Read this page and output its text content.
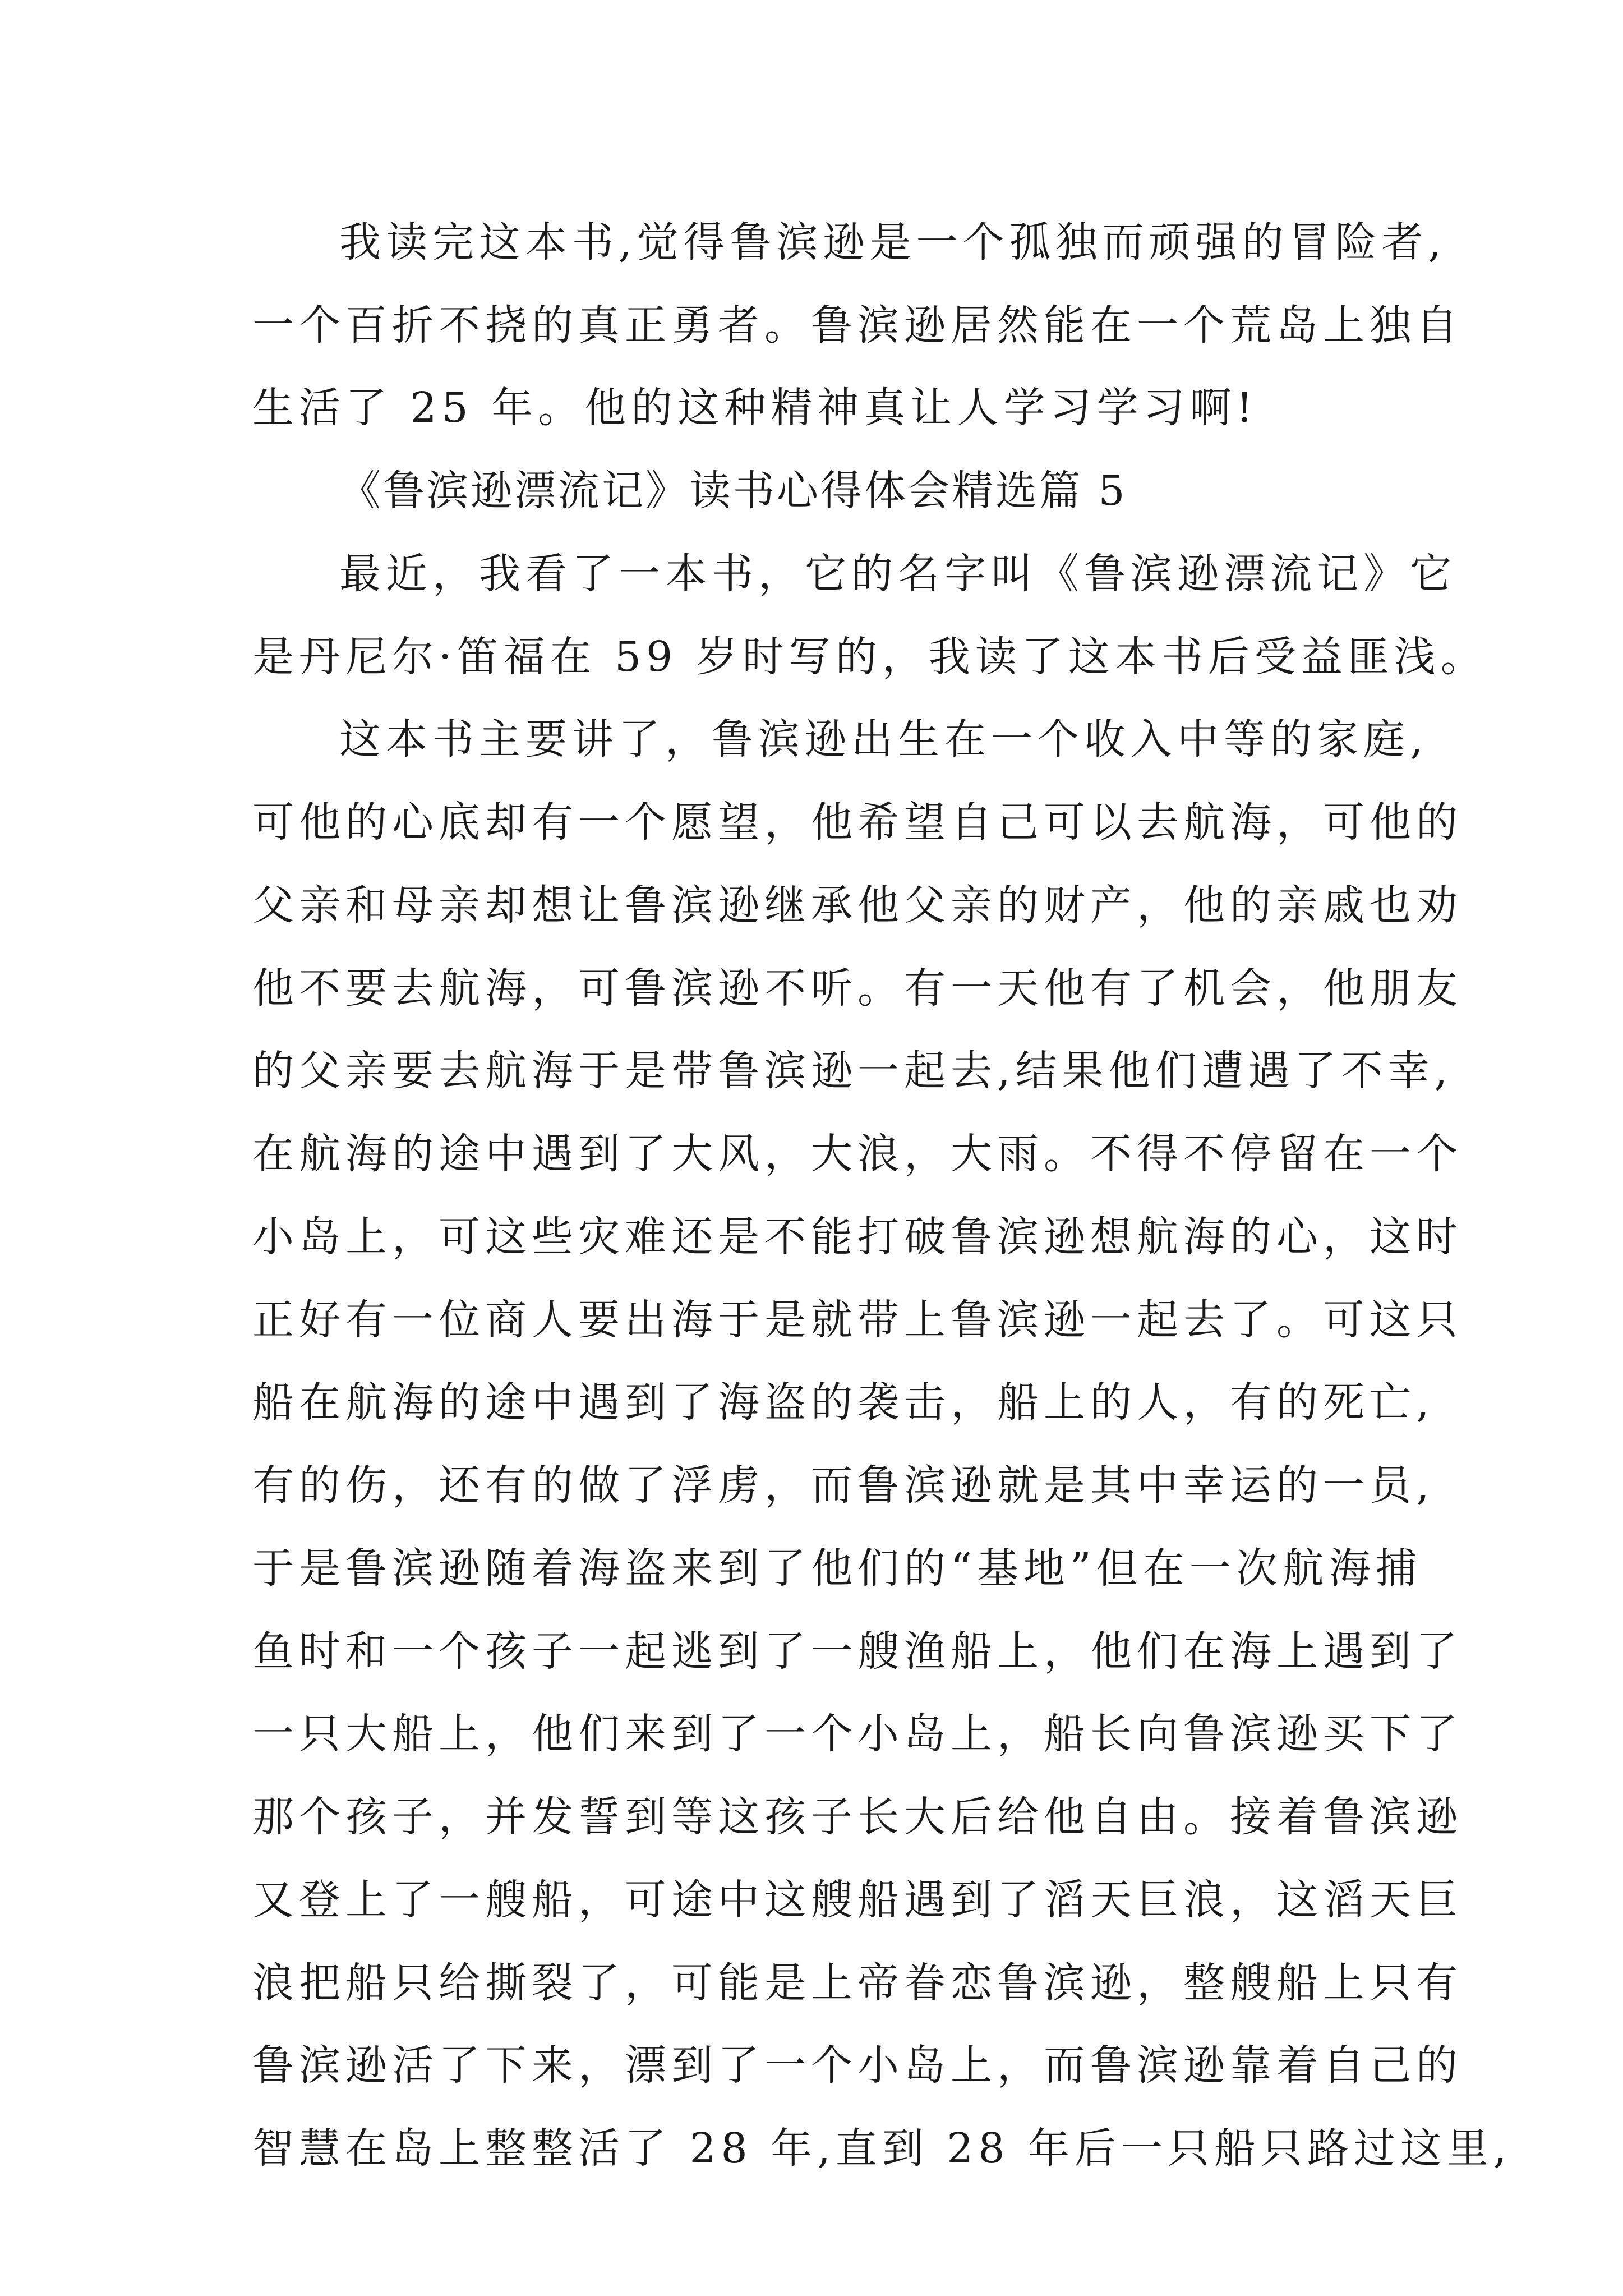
我读完这本书,觉得鲁滨逊是一个孤独而顽强的冒险者,
一个百折不挠的真正勇者。鲁滨逊居然能在一个荒岛上独自
生活了 25 年。他的这种精神真让人学习学习啊!
《鲁滨逊漂流记》读书心得体会精选篇 5
最近，我看了一本书，它的名字叫《鲁滨逊漂流记》它
是丹尼尔·笛福在 59 岁时写的，我读了这本书后受益匪浅。
这本书主要讲了，鲁滨逊出生在一个收入中等的家庭,
可他的心底却有一个愿望，他希望自己可以去航海，可他的
父亲和母亲却想让鲁滨逊继承他父亲的财产，他的亲戚也劝
他不要去航海，可鲁滨逊不听。有一天他有了机会，他朋友
的父亲要去航海于是带鲁滨逊一起去,结果他们遭遇了不幸,
在航海的途中遇到了大风，大浪，大雨。不得不停留在一个
小岛上，可这些灾难还是不能打破鲁滨逊想航海的心，这时
正好有一位商人要出海于是就带上鲁滨逊一起去了。可这只
船在航海的途中遇到了海盗的袭击，船上的人，有的死亡,
有的伤，还有的做了浮虏，而鲁滨逊就是其中幸运的一员,
于是鲁滨逊随着海盗来到了他们的“基地”但在一次航海捕
鱼时和一个孩子一起逃到了一艘渔船上，他们在海上遇到了
一只大船上，他们来到了一个小岛上，船长向鲁滨逊买下了
那个孩子，并发誓到等这孩子长大后给他自由。接着鲁滨逊
又登上了一艘船，可途中这艘船遇到了滔天巨浪，这滔天巨
浪把船只给撕裂了，可能是上帝眷恋鲁滨逊，整艘船上只有
鲁滨逊活了下来，漂到了一个小岛上，而鲁滨逊靠着自己的
智慧在岛上整整活了 28 年,直到 28 年后一只船只路过这里,
